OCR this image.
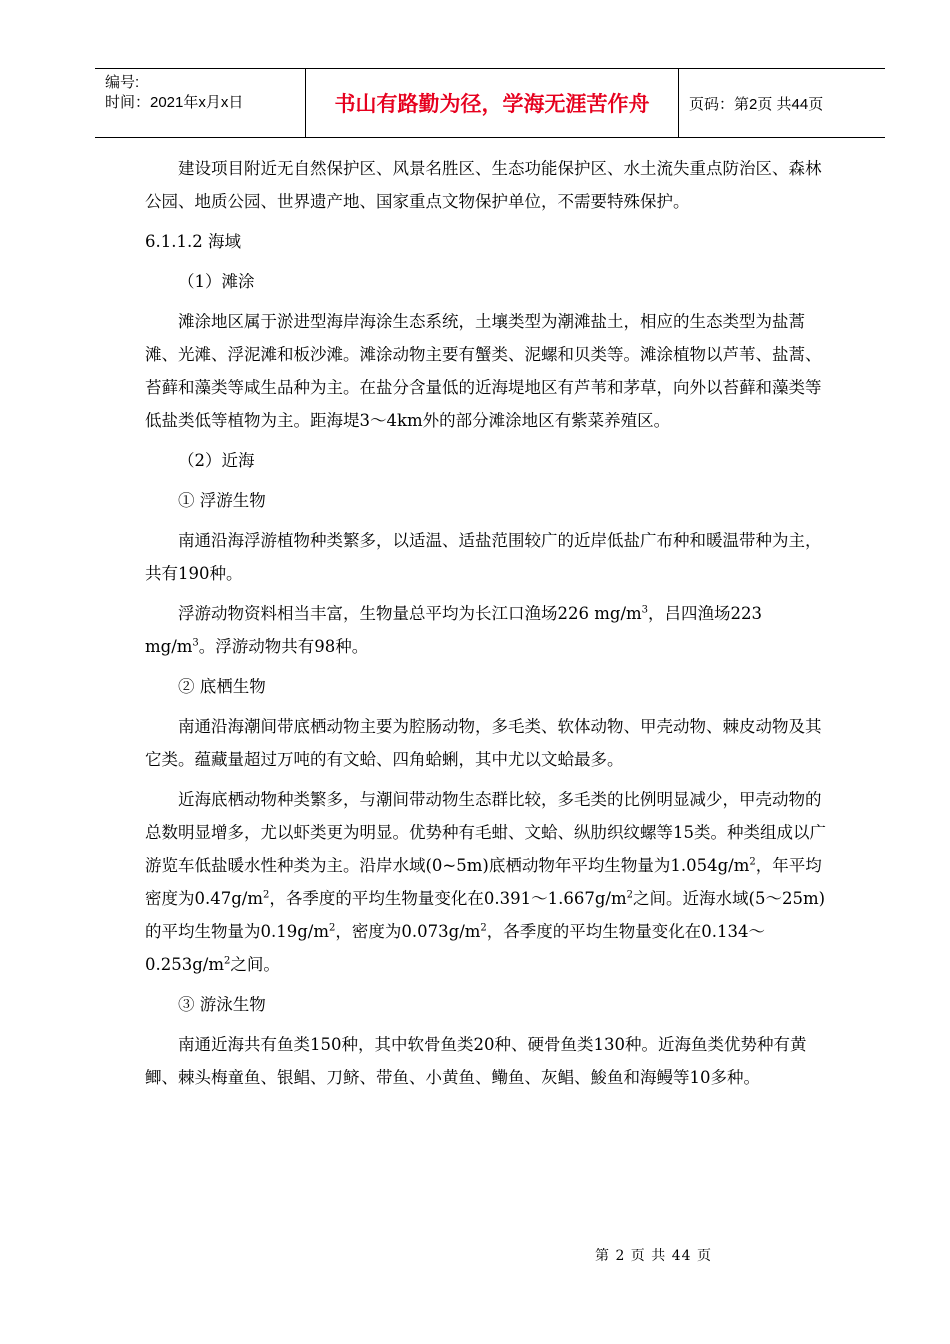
编号:
时间：2021年x月x日	书山有路勤为径，学海无涯苦作舟	页码：第2页 共44页

建设项目附近无自然保护区、风景名胜区、生态功能保护区、水土流失重点防治区、森林公园、地质公园、世界遗产地、国家重点文物保护单位，不需要特殊保护。

6.1.1.2 海域

（1）滩涂

滩涂地区属于淤进型海岸海涂生态系统，土壤类型为潮滩盐土，相应的生态类型为盐蒿滩、光滩、浮泥滩和板沙滩。滩涂动物主要有蟹类、泥螺和贝类等。滩涂植物以芦苇、盐蒿、苔藓和藻类等咸生品种为主。在盐分含量低的近海堤地区有芦苇和茅草，向外以苔藓和藻类等低盐类低等植物为主。距海堤3～4km外的部分滩涂地区有紫菜养殖区。

（2）近海

① 浮游生物

南通沿海浮游植物种类繁多，以适温、适盐范围较广的近岸低盐广布种和暖温带种为主，共有190种。

浮游动物资料相当丰富，生物量总平均为长江口渔场226 $mg/m^3$，吕四渔场223 $mg/m^3$。浮游动物共有98种。

② 底栖生物

南通沿海潮间带底栖动物主要为腔肠动物，多毛类、软体动物、甲壳动物、棘皮动物及其它类。蕴藏量超过万吨的有文蛤、四角蛤蜊，其中尤以文蛤最多。

近海底栖动物种类繁多，与潮间带动物生态群比较，多毛类的比例明显减少，甲壳动物的总数明显增多，尤以虾类更为明显。优势种有毛蚶、文蛤、纵肋织纹螺等15类。种类组成以广游览车低盐暖水性种类为主。沿岸水域(0~5m)底栖动物年平均生物量为$1.054g/m^2$，年平均密度为$0.47g/m^2$，各季度的平均生物量变化在$0.391\sim 1.667g/m^2$之间。近海水域(5～25m)的平均生物量为$0.19g/m^2$，密度为$0.073g/m^2$，各季度的平均生物量变化在$0.134\sim 0.253g/m^2$之间。

③ 游泳生物

南通近海共有鱼类150种，其中软骨鱼类20种、硬骨鱼类130种。近海鱼类优势种有黄鲫、棘头梅童鱼、银鲳、刀鲚、带鱼、小黄鱼、鳓鱼、灰鲳、鮻鱼和海鳗等10多种。

第 2 页 共 44 页
